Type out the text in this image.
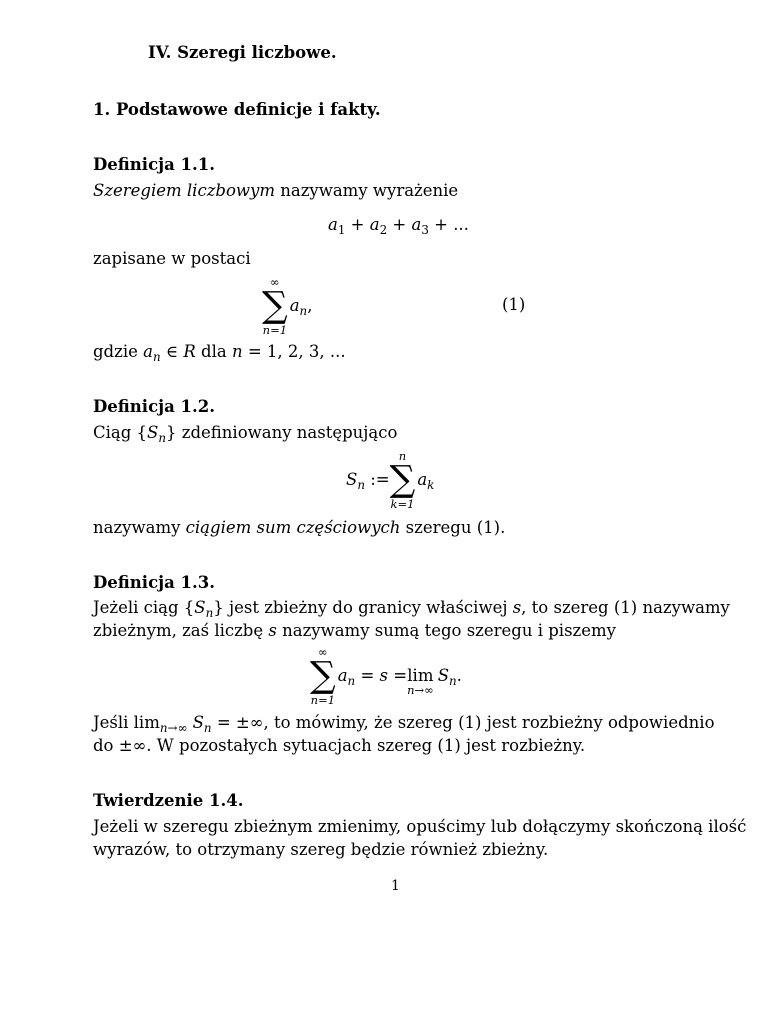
IV. Szeregi liczbowe.
1. Podstawowe definicje i fakty.
Definicja 1.1.
Szeregiem liczbowym nazywamy wyrażenie
$a_1 + a_2 + a_3$ + ...
zapisane w postaci
∞
∑
n=1
$a_n$,	(1)
gdzie $a_n$ ∈ R dla n = 1, 2, 3, ...
Definicja 1.2.
Ciąg $\{S_n\}$ zdefiniowany następująco
$S_n$ :=
n
∑
k=1
$a_k$
nazywamy ciągiem sum częściowych szeregu (1).
Definicja 1.3.
Jeżeli ciąg $\{S_n\}$ jest zbieżny do granicy właściwej s, to szereg (1) nazywamy
zbieżnym, zaś liczbę s nazywamy sumą tego szeregu i piszemy
∞
∑
n=1
$a_n = s = \lim$
n→∞
$S_n$.
Jeśli $\lim_{n\to\infty} S_n$ = ±∞, to mówimy, że szereg (1) jest rozbieżny odpowiednio
do ±∞. W pozostałych sytuacjach szereg (1) jest rozbieżny.
Twierdzenie 1.4.
Jeżeli w szeregu zbieżnym zmienimy, opuścimy lub dołączymy skończoną ilość
wyrazów, to otrzymany szereg będzie również zbieżny.
1
